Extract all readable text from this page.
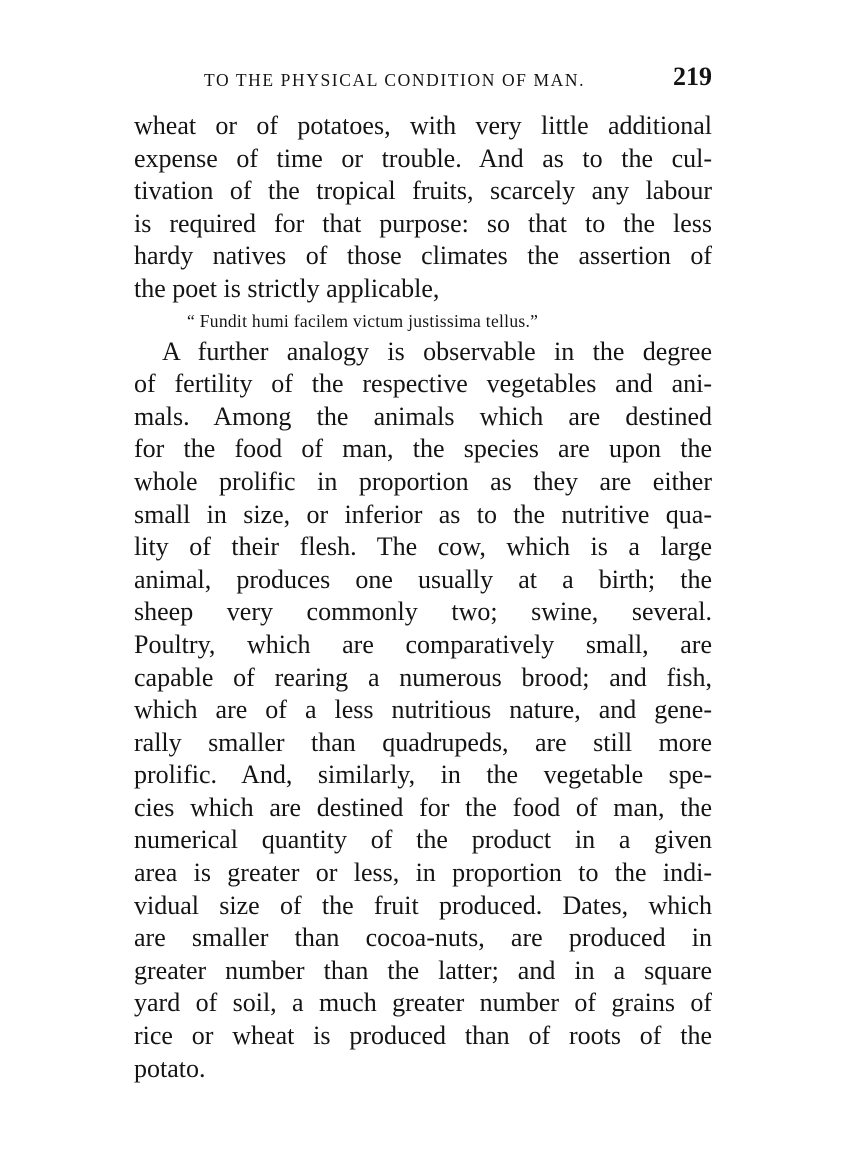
TO THE PHYSICAL CONDITION OF MAN.	219
wheat or of potatoes, with very little additional
expense of time or trouble. And as to the cul-
tivation of the tropical fruits, scarcely any labour
is required for that purpose: so that to the less
hardy natives of those climates the assertion of
the poet is strictly applicable,
“ Fundit humi facilem victum justissima tellus.”
A further analogy is observable in the degree
of fertility of the respective vegetables and ani-
mals. Among the animals which are destined
for the food of man, the species are upon the
whole prolific in proportion as they are either
small in size, or inferior as to the nutritive qua-
lity of their flesh. The cow, which is a large
animal, produces one usually at a birth; the
sheep very commonly two; swine, several.
Poultry, which are comparatively small, are
capable of rearing a numerous brood; and fish,
which are of a less nutritious nature, and gene-
rally smaller than quadrupeds, are still more
prolific. And, similarly, in the vegetable spe-
cies which are destined for the food of man, the
numerical quantity of the product in a given
area is greater or less, in proportion to the indi-
vidual size of the fruit produced. Dates, which
are smaller than cocoa-nuts, are produced in
greater number than the latter; and in a square
yard of soil, a much greater number of grains of
rice or wheat is produced than of roots of the
potato.
